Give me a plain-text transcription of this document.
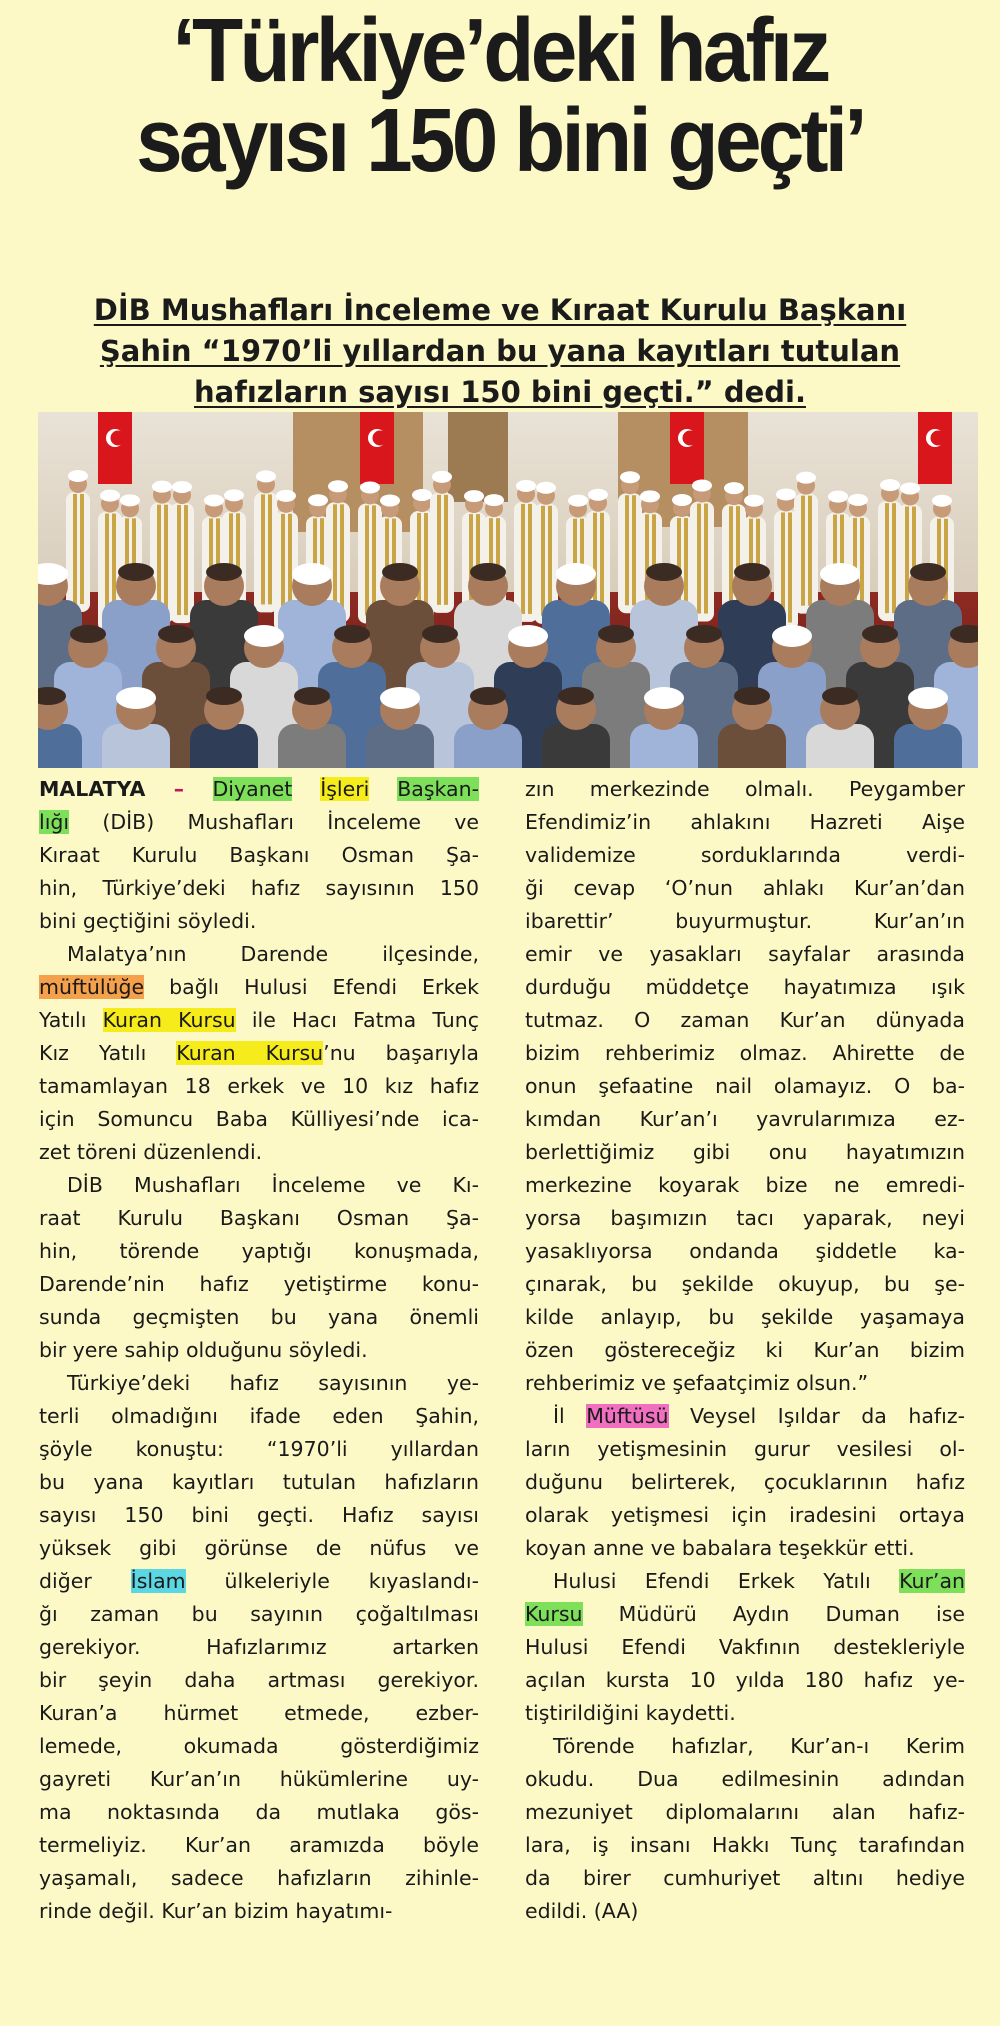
‘Türkiye’deki hafız
sayısı 150 bini geçti’
DİB Mushafları İnceleme ve Kıraat Kurulu Başkanı
Şahin “1970’li yıllardan bu yana kayıtları tutulan
hafızların sayısı 150 bini geçti.” dedi.
MALATYA – Diyanet İşleri Başkan-
lığı (DİB) Mushafları İnceleme ve
Kıraat Kurulu Başkanı Osman Şa-
hin, Türkiye’deki hafız sayısının 150
bini geçtiğini söyledi.
Malatya’nın Darende ilçesinde,
müftülüğe bağlı Hulusi Efendi Erkek
Yatılı Kuran Kursu ile Hacı Fatma Tunç
Kız Yatılı Kuran Kursu’nu başarıyla
tamamlayan 18 erkek ve 10 kız hafız
için Somuncu Baba Külliyesi’nde ica-
zet töreni düzenlendi.
DİB Mushafları İnceleme ve Kı-
raat Kurulu Başkanı Osman Şa-
hin, törende yaptığı konuşmada,
Darende’nin hafız yetiştirme konu-
sunda geçmişten bu yana önemli
bir yere sahip olduğunu söyledi.
Türkiye’deki hafız sayısının ye-
terli olmadığını ifade eden Şahin,
şöyle konuştu: “1970’li yıllardan
bu yana kayıtları tutulan hafızların
sayısı 150 bini geçti. Hafız sayısı
yüksek gibi görünse de nüfus ve
diğer İslam ülkeleriyle kıyaslandı-
ğı zaman bu sayının çoğaltılması
gerekiyor. Hafızlarımız artarken
bir şeyin daha artması gerekiyor.
Kuran’a hürmet etmede, ezber-
lemede, okumada gösterdiğimiz
gayreti Kur’an’ın hükümlerine uy-
ma noktasında da mutlaka gös-
termeliyiz. Kur’an aramızda böyle
yaşamalı, sadece hafızların zihinle-
rinde değil. Kur’an bizim hayatımı-
zın merkezinde olmalı. Peygamber
Efendimiz’in ahlakını Hazreti Aişe
validemize sorduklarında verdi-
ği cevap ‘O’nun ahlakı Kur’an’dan
ibarettir’ buyurmuştur. Kur’an’ın
emir ve yasakları sayfalar arasında
durduğu müddetçe hayatımıza ışık
tutmaz. O zaman Kur’an dünyada
bizim rehberimiz olmaz. Ahirette de
onun şefaatine nail olamayız. O ba-
kımdan Kur’an’ı yavrularımıza ez-
berlettiğimiz gibi onu hayatımızın
merkezine koyarak bize ne emredi-
yorsa başımızın tacı yaparak, neyi
yasaklıyorsa ondanda şiddetle ka-
çınarak, bu şekilde okuyup, bu şe-
kilde anlayıp, bu şekilde yaşamaya
özen göstereceğiz ki Kur’an bizim
rehberimiz ve şefaatçimiz olsun.”
İl Müftüsü Veysel Işıldar da hafız-
ların yetişmesinin gurur vesilesi ol-
duğunu belirterek, çocuklarının hafız
olarak yetişmesi için iradesini ortaya
koyan anne ve babalara teşekkür etti.
Hulusi Efendi Erkek Yatılı Kur’an
Kursu Müdürü Aydın Duman ise
Hulusi Efendi Vakfının destekleriyle
açılan kursta 10 yılda 180 hafız ye-
tiştirildiğini kaydetti.
Törende hafızlar, Kur’an-ı Kerim
okudu. Dua edilmesinin adından
mezuniyet diplomalarını alan hafız-
lara, iş insanı Hakkı Tunç tarafından
da birer cumhuriyet altını hediye
edildi. (AA)
